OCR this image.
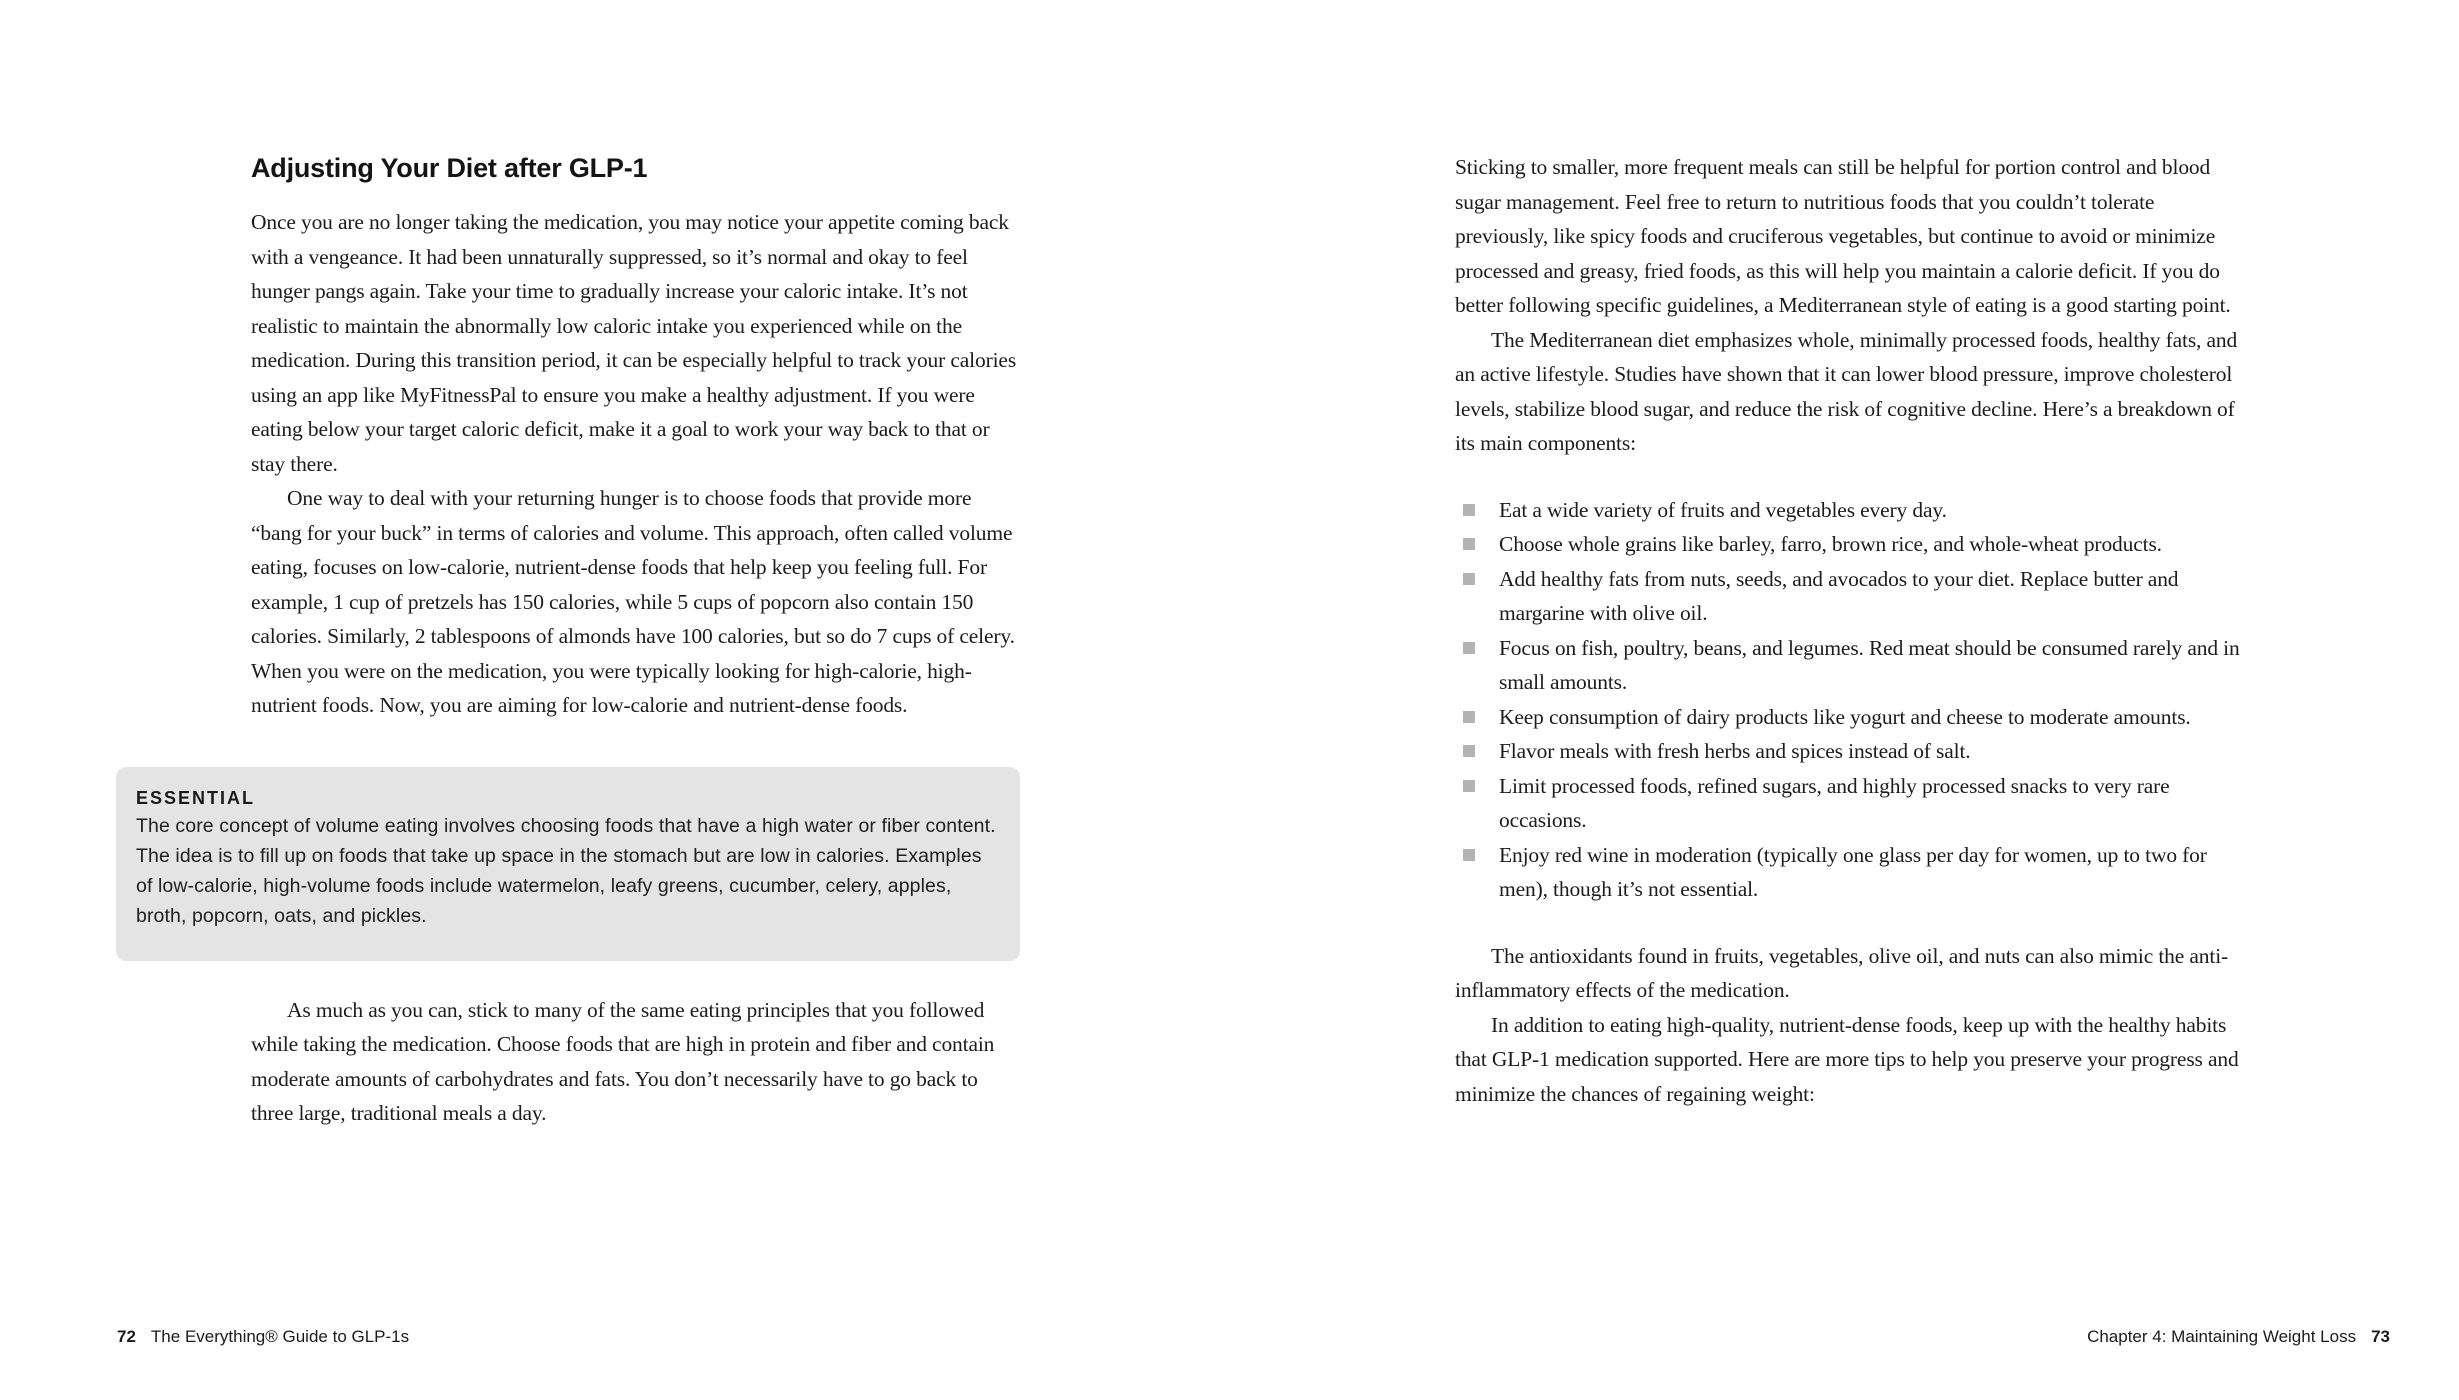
Adjusting Your Diet after GLP-1

Once you are no longer taking the medication, you may notice your appetite coming back with a vengeance. It had been unnaturally suppressed, so it’s normal and okay to feel hunger pangs again. Take your time to gradually increase your caloric intake. It’s not realistic to maintain the abnormally low caloric intake you experienced while on the medication. During this transition period, it can be especially helpful to track your calories using an app like MyFitnessPal to ensure you make a healthy adjustment. If you were eating below your target caloric deficit, make it a goal to work your way back to that or stay there.

One way to deal with your returning hunger is to choose foods that provide more “bang for your buck” in terms of calories and volume. This approach, often called volume eating, focuses on low-calorie, nutrient-dense foods that help keep you feeling full. For example, 1 cup of pretzels has 150 calories, while 5 cups of popcorn also contain 150 calories. Similarly, 2 tablespoons of almonds have 100 calories, but so do 7 cups of celery. When you were on the medication, you were typically looking for high-calorie, high-nutrient foods. Now, you are aiming for low-calorie and nutrient-dense foods.

ESSENTIAL

The core concept of volume eating involves choosing foods that have a high water or fiber content. The idea is to fill up on foods that take up space in the stomach but are low in calories. Examples of low-calorie, high-volume foods include watermelon, leafy greens, cucumber, celery, apples, broth, popcorn, oats, and pickles.

As much as you can, stick to many of the same eating principles that you followed while taking the medication. Choose foods that are high in protein and fiber and contain moderate amounts of carbohydrates and fats. You don’t necessarily have to go back to three large, traditional meals a day.

Sticking to smaller, more frequent meals can still be helpful for portion control and blood sugar management. Feel free to return to nutritious foods that you couldn’t tolerate previously, like spicy foods and cruciferous vegetables, but continue to avoid or minimize processed and greasy, fried foods, as this will help you maintain a calorie deficit. If you do better following specific guidelines, a Mediterranean style of eating is a good starting point.

The Mediterranean diet emphasizes whole, minimally processed foods, healthy fats, and an active lifestyle. Studies have shown that it can lower blood pressure, improve cholesterol levels, stabilize blood sugar, and reduce the risk of cognitive decline. Here’s a breakdown of its main components:

Eat a wide variety of fruits and vegetables every day.
Choose whole grains like barley, farro, brown rice, and whole-wheat products.
Add healthy fats from nuts, seeds, and avocados to your diet. Replace butter and margarine with olive oil.
Focus on fish, poultry, beans, and legumes. Red meat should be consumed rarely and in small amounts.
Keep consumption of dairy products like yogurt and cheese to moderate amounts.
Flavor meals with fresh herbs and spices instead of salt.
Limit processed foods, refined sugars, and highly processed snacks to very rare occasions.
Enjoy red wine in moderation (typically one glass per day for women, up to two for men), though it’s not essential.

The antioxidants found in fruits, vegetables, olive oil, and nuts can also mimic the anti-inflammatory effects of the medication.

In addition to eating high-quality, nutrient-dense foods, keep up with the healthy habits that GLP-1 medication supported. Here are more tips to help you preserve your progress and minimize the chances of regaining weight:

72 The Everything® Guide to GLP-1s	Chapter 4: Maintaining Weight Loss 73
